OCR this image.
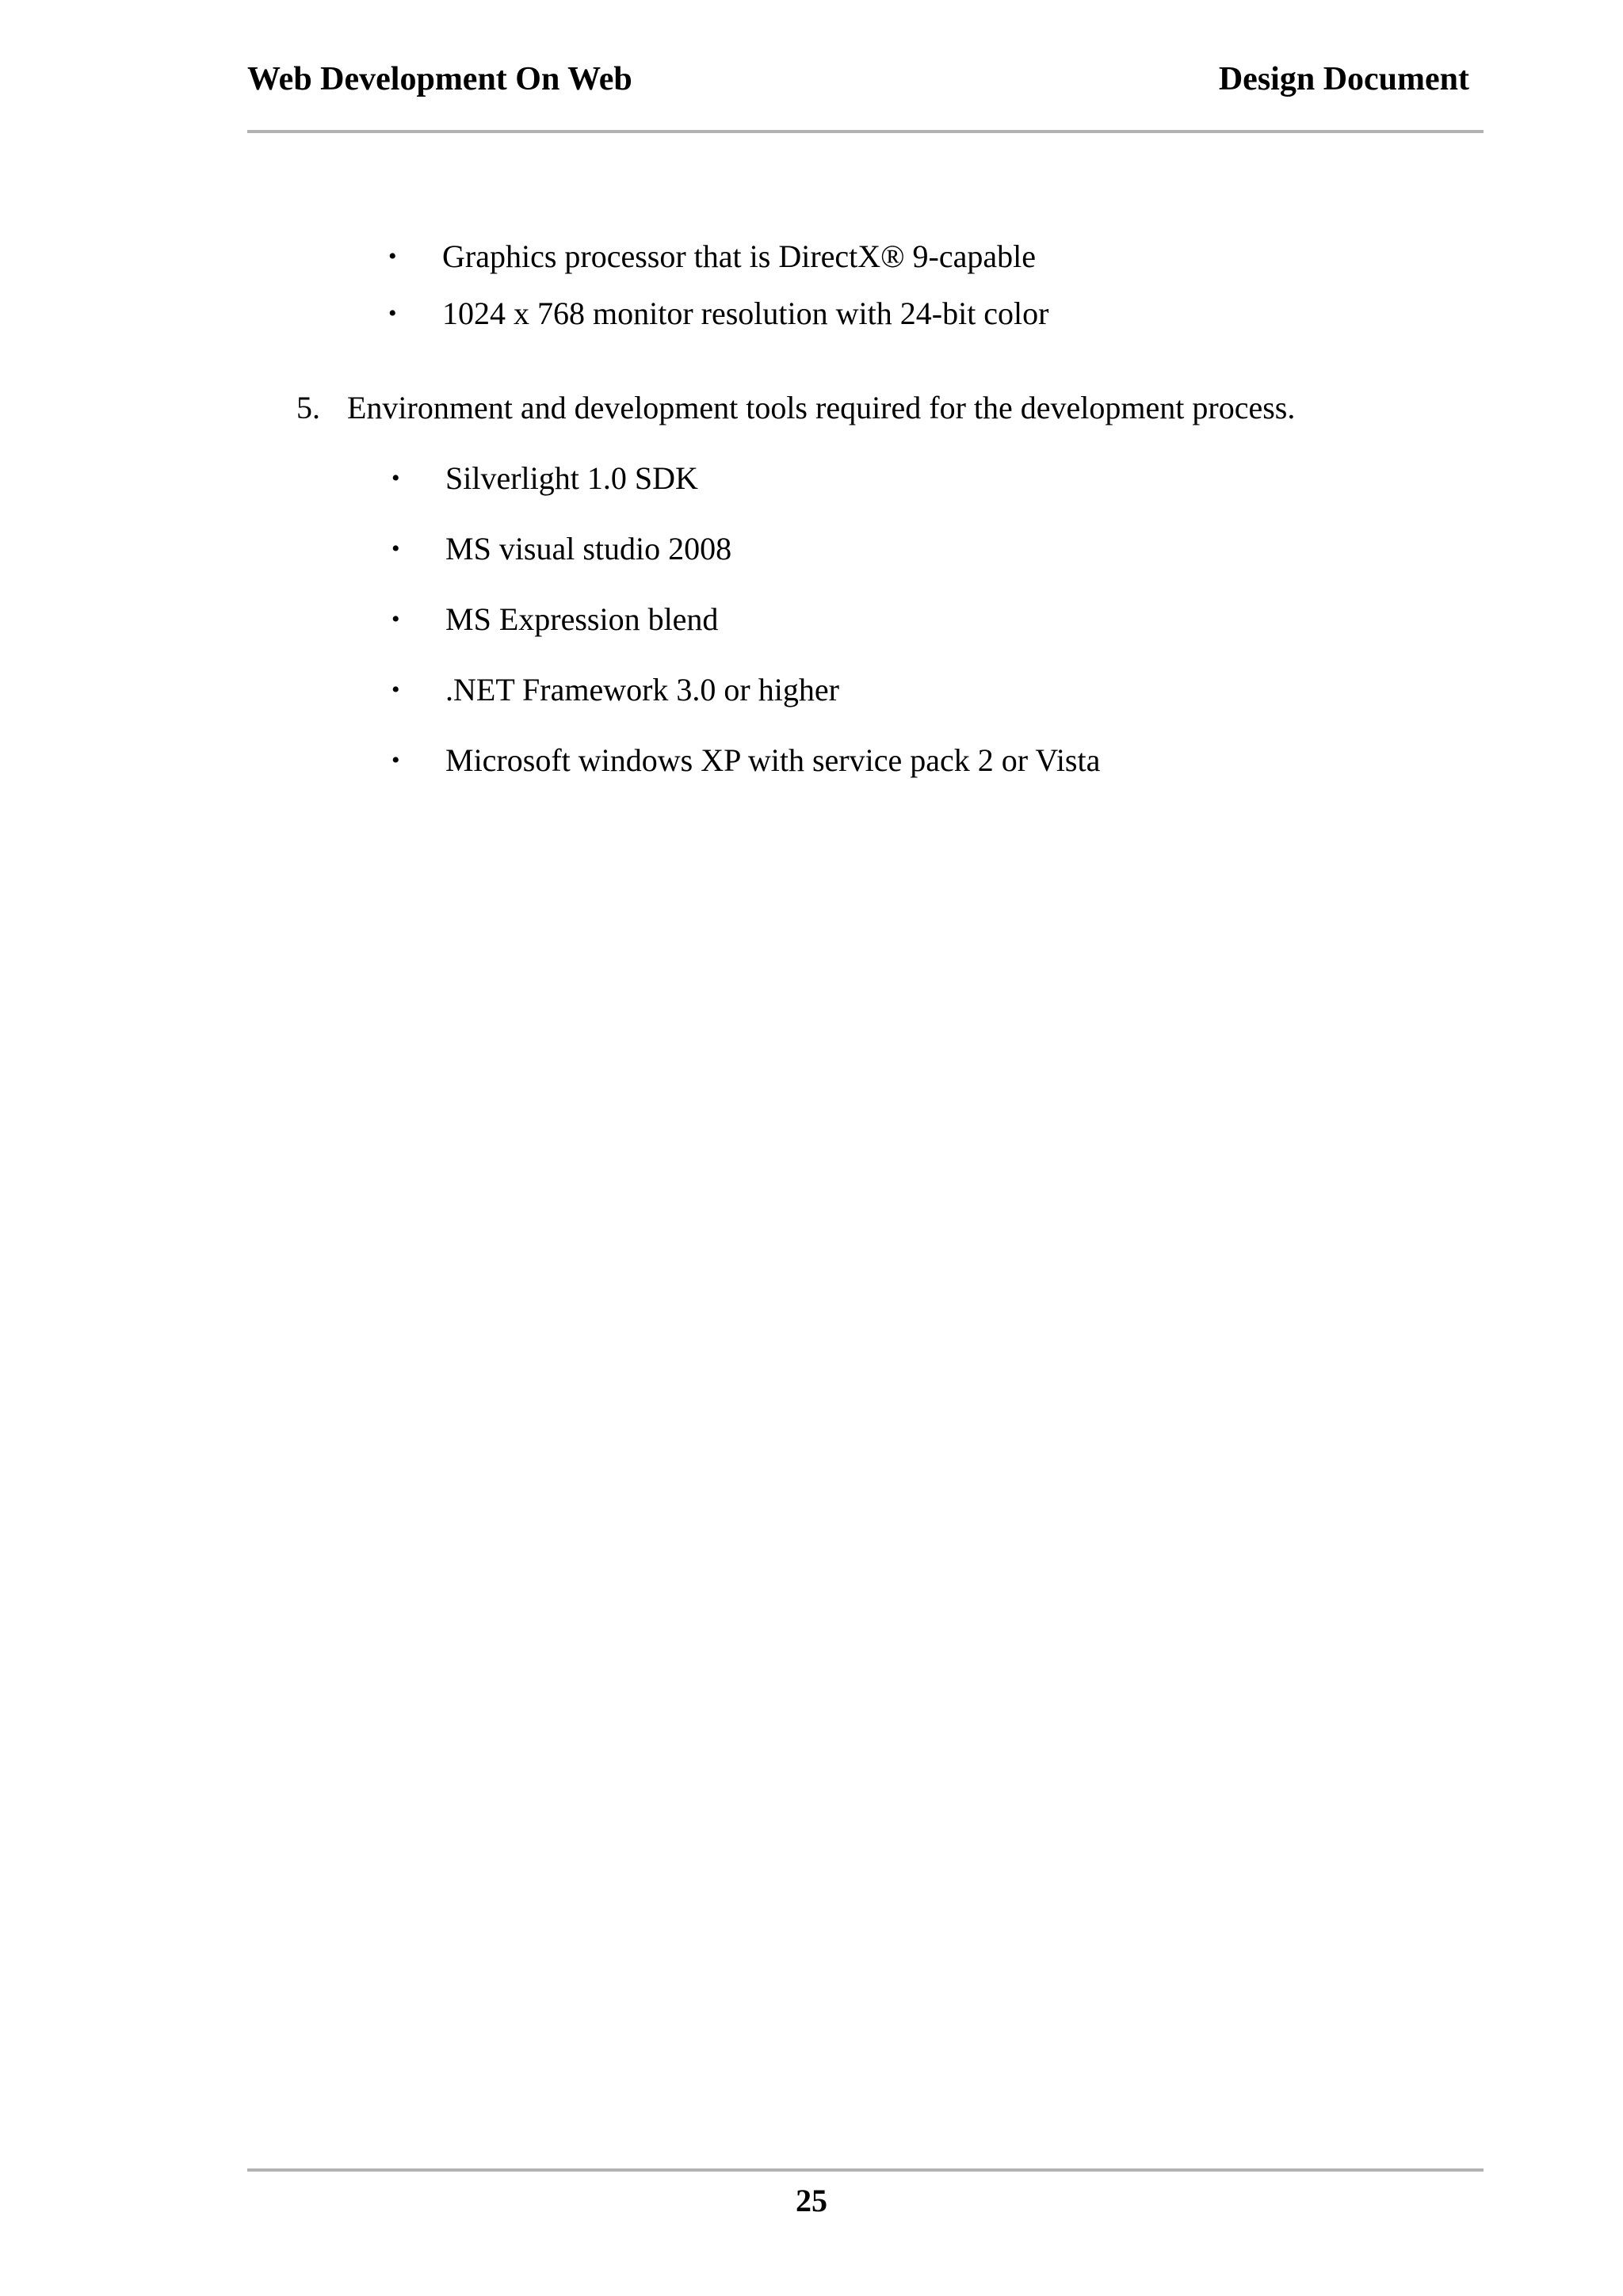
Web Development On Web	Design Document
• Graphics processor that is DirectX® 9-capable
• 1024 x 768 monitor resolution with 24-bit color
5. Environment and development tools required for the development process.
• Silverlight 1.0 SDK
• MS visual studio 2008
• MS Expression blend
• .NET Framework 3.0 or higher
• Microsoft windows XP with service pack 2 or Vista
25
